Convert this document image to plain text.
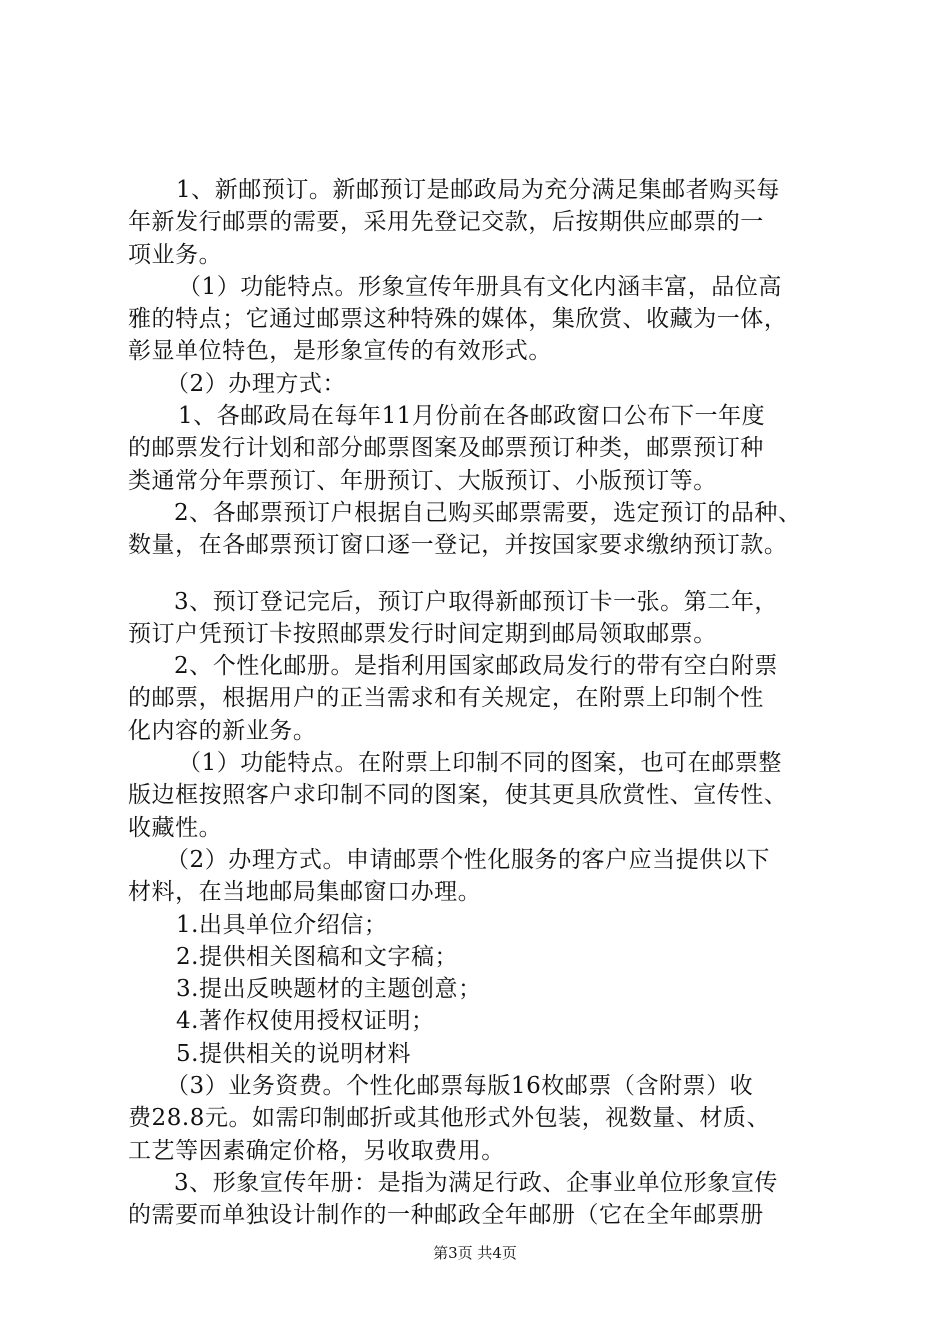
1、新邮预订。新邮预订是邮政局为充分满足集邮者购买每
年新发行邮票的需要，采用先登记交款，后按期供应邮票的一
项业务。
（1）功能特点。形象宣传年册具有文化内涵丰富，品位高
雅的特点；它通过邮票这种特殊的媒体，集欣赏、收藏为一体，
彰显单位特色，是形象宣传的有效形式。
（2）办理方式：
1、各邮政局在每年11月份前在各邮政窗口公布下一年度
的邮票发行计划和部分邮票图案及邮票预订种类，邮票预订种
类通常分年票预订、年册预订、大版预订、小版预订等。
2、各邮票预订户根据自己购买邮票需要，选定预订的品种、
数量，在各邮票预订窗口逐一登记，并按国家要求缴纳预订款。
3、预订登记完后，预订户取得新邮预订卡一张。第二年，
预订户凭预订卡按照邮票发行时间定期到邮局领取邮票。
2、个性化邮册。是指利用国家邮政局发行的带有空白附票
的邮票，根据用户的正当需求和有关规定，在附票上印制个性
化内容的新业务。
（1）功能特点。在附票上印制不同的图案，也可在邮票整
版边框按照客户求印制不同的图案，使其更具欣赏性、宣传性、
收藏性。
（2）办理方式。申请邮票个性化服务的客户应当提供以下
材料，在当地邮局集邮窗口办理。
1.出具单位介绍信；
2.提供相关图稿和文字稿；
3.提出反映题材的主题创意；
4.著作权使用授权证明；
5.提供相关的说明材料
（3）业务资费。个性化邮票每版16枚邮票（含附票）收
费28.8元。如需印制邮折或其他形式外包装，视数量、材质、
工艺等因素确定价格，另收取费用。
3、形象宣传年册：是指为满足行政、企事业单位形象宣传
的需要而单独设计制作的一种邮政全年邮册（它在全年邮票册
第3页 共4页
